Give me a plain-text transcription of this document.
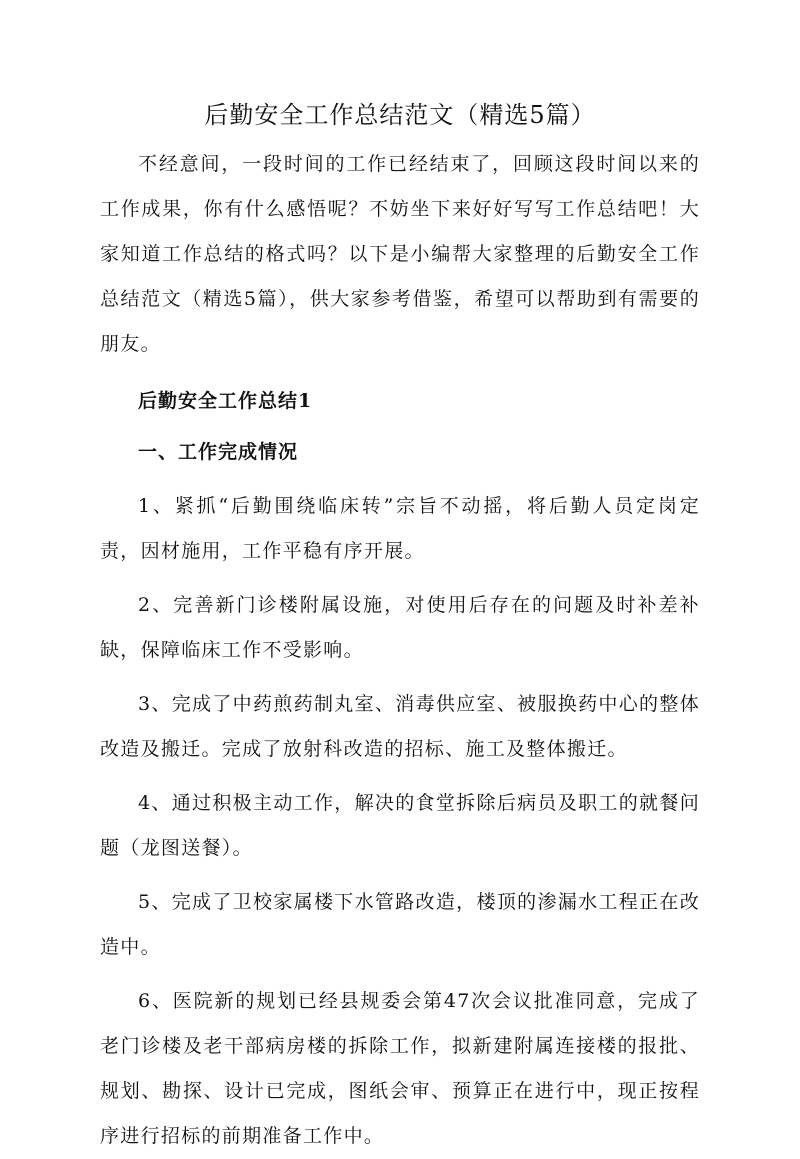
后勤安全工作总结范文（精选5篇）

不经意间，一段时间的工作已经结束了，回顾这段时间以来的工作成果，你有什么感悟呢？不妨坐下来好好写写工作总结吧！大家知道工作总结的格式吗？以下是小编帮大家整理的后勤安全工作总结范文（精选5篇），供大家参考借鉴，希望可以帮助到有需要的朋友。

后勤安全工作总结1

一、工作完成情况

1、紧抓“后勤围绕临床转”宗旨不动摇，将后勤人员定岗定责，因材施用，工作平稳有序开展。

2、完善新门诊楼附属设施，对使用后存在的问题及时补差补缺，保障临床工作不受影响。

3、完成了中药煎药制丸室、消毒供应室、被服换药中心的整体改造及搬迁。完成了放射科改造的招标、施工及整体搬迁。

4、通过积极主动工作，解决的食堂拆除后病员及职工的就餐问题（龙图送餐）。

5、完成了卫校家属楼下水管路改造，楼顶的渗漏水工程正在改造中。

6、医院新的规划已经县规委会第47次会议批准同意，完成了老门诊楼及老干部病房楼的拆除工作，拟新建附属连接楼的报批、规划、勘探、设计已完成，图纸会审、预算正在进行中，现正按程序进行招标的前期准备工作中。
